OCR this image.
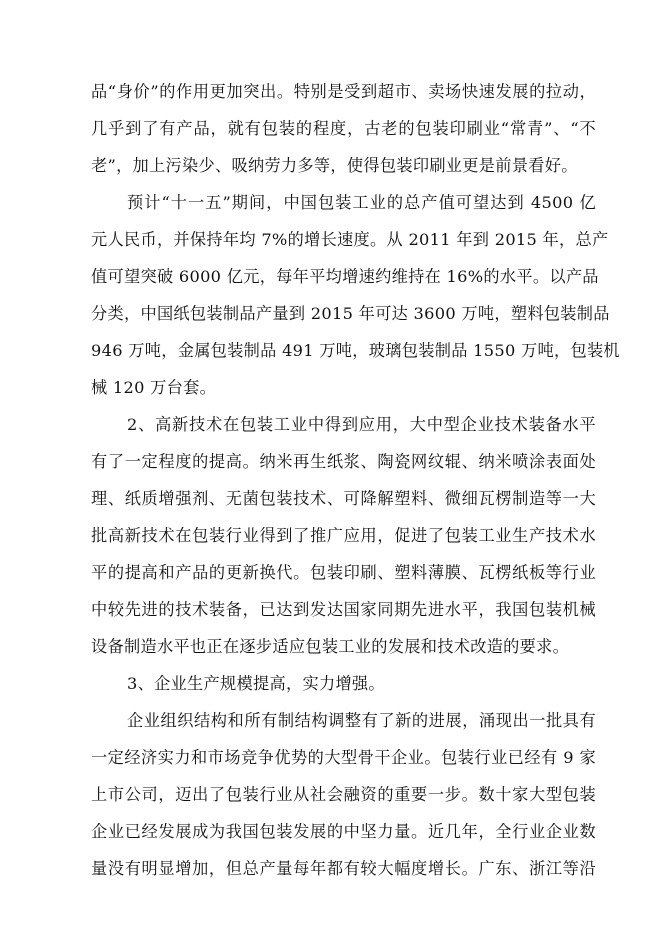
品“身价”的作用更加突出。特别是受到超市、卖场快速发展的拉动，
几乎到了有产品，就有包装的程度，古老的包装印刷业“常青”、“不
老”，加上污染少、吸纳劳力多等，使得包装印刷业更是前景看好。
预计“十一五”期间，中国包装工业的总产值可望达到 4500 亿
元人民币，并保持年均 7%的增长速度。从 2011 年到 2015 年，总产
值可望突破 6000 亿元，每年平均增速约维持在 16%的水平。以产品
分类，中国纸包装制品产量到 2015 年可达 3600 万吨，塑料包装制品
946 万吨，金属包装制品 491 万吨，玻璃包装制品 1550 万吨，包装机
械 120 万台套。
2、高新技术在包装工业中得到应用，大中型企业技术装备水平
有了一定程度的提高。纳米再生纸浆、陶瓷网纹辊、纳米喷涂表面处
理、纸质增强剂、无菌包装技术、可降解塑料、微细瓦楞制造等一大
批高新技术在包装行业得到了推广应用，促进了包装工业生产技术水
平的提高和产品的更新换代。包装印刷、塑料薄膜、瓦楞纸板等行业
中较先进的技术装备，已达到发达国家同期先进水平，我国包装机械
设备制造水平也正在逐步适应包装工业的发展和技术改造的要求。
3、企业生产规模提高，实力增强。
企业组织结构和所有制结构调整有了新的进展，涌现出一批具有
一定经济实力和市场竞争优势的大型骨干企业。包装行业已经有 9 家
上市公司，迈出了包装行业从社会融资的重要一步。数十家大型包装
企业已经发展成为我国包装发展的中坚力量。近几年，全行业企业数
量没有明显增加，但总产量每年都有较大幅度增长。广东、浙江等沿
